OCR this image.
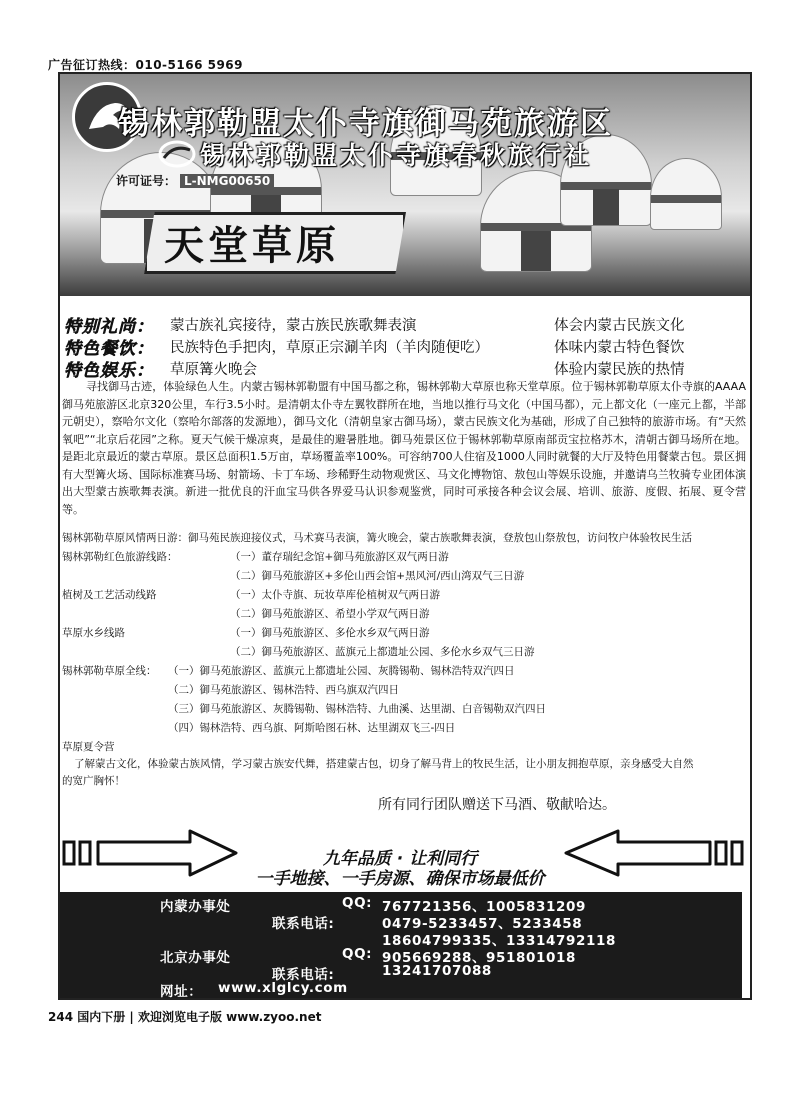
广告征订热线：010-5166 5969
锡林郭勒盟太仆寺旗御马苑旅游区
锡林郭勒盟太仆寺旗春秋旅行社
许可证号： L-NMG00650
天堂草原
特别礼尚： 蒙古族礼宾接待，蒙古族民族歌舞表演	体会内蒙古民族文化
特色餐饮： 民族特色手把肉，草原正宗涮羊肉（羊肉随便吃）	体味内蒙古特色餐饮
特色娱乐： 草原篝火晚会	体验内蒙民族的热情
寻找御马古迹，体验绿色人生。内蒙古锡林郭勒盟有中国马都之称，锡林郭勒大草原也称天堂草原。位于锡林郭勒草原太仆寺旗的AAAA御马苑旅游区北京320公里，车行3.5小时。是清朝太仆寺左翼牧群所在地，当地以推行马文化（中国马都），元上都文化（一座元上都，半部元朝史），察哈尔文化（察哈尔部落的发源地），御马文化（清朝皇家古御马场），蒙古民族文化为基础，形成了自己独特的旅游市场。有“天然氧吧”“北京后花园”之称。夏天气候干燥凉爽，是最佳的避暑胜地。御马苑景区位于锡林郭勒草原南部贡宝拉格苏木，清朝古御马场所在地。是距北京最近的蒙古草原。景区总面积1.5万亩，草场覆盖率100%。可容纳700人住宿及1000人同时就餐的大厅及特色用餐蒙古包。景区拥有大型篝火场、国际标准赛马场、射箭场、卡丁车场、珍稀野生动物观赏区、马文化博物馆、敖包山等娱乐设施，并邀请乌兰牧骑专业团体演出大型蒙古族歌舞表演。新进一批优良的汗血宝马供各界爱马认识参观鉴赏，同时可承接各种会议会展、培训、旅游、度假、拓展、夏令营等。
锡林郭勒草原风情两日游：御马苑民族迎接仪式，马术赛马表演，篝火晚会，蒙古族歌舞表演，登敖包山祭敖包，访问牧户体验牧民生活
锡林郭勒红色旅游线路：	（一）董存瑞纪念馆+御马苑旅游区双气两日游
（二）御马苑旅游区+多伦山西会馆+黑风河/西山湾双气三日游
植树及工艺活动线路	（一）太仆寺旗、玩妆草库伦植树双气两日游
（二）御马苑旅游区、希望小学双气两日游
草原水乡线路	（一）御马苑旅游区、多伦水乡双气两日游
（二）御马苑旅游区、蓝旗元上都遗址公园、多伦水乡双气三日游
锡林郭勒草原全线： （一）御马苑旅游区、蓝旗元上都遗址公园、灰腾锡勒、锡林浩特双汽四日
（二）御马苑旅游区、锡林浩特、西乌旗双汽四日
（三）御马苑旅游区、灰腾锡勒、锡林浩特、九曲溪、达里湖、白音锡勒双汽四日
（四）锡林浩特、西乌旗、阿斯哈图石林、达里湖双飞三-四日
草原夏令营
了解蒙古文化，体验蒙古族风情，学习蒙古族安代舞，搭建蒙古包，切身了解马背上的牧民生活，让小朋友拥抱草原，亲身感受大自然
的宽广胸怀！
所有同行团队赠送下马酒、敬献哈达。
九年品质 · 让利同行
一手地接、一手房源、确保市场最低价
内蒙办事处	QQ: 767721356、1005831209
联系电话:	0479-5233457、5233458
18604799335、13314792118
北京办事处	QQ: 905669288、951801018
联系电话:	13241707088
网址： www.xlglcy.com
244 国内下册 | 欢迎浏览电子版 www.zyoo.net
